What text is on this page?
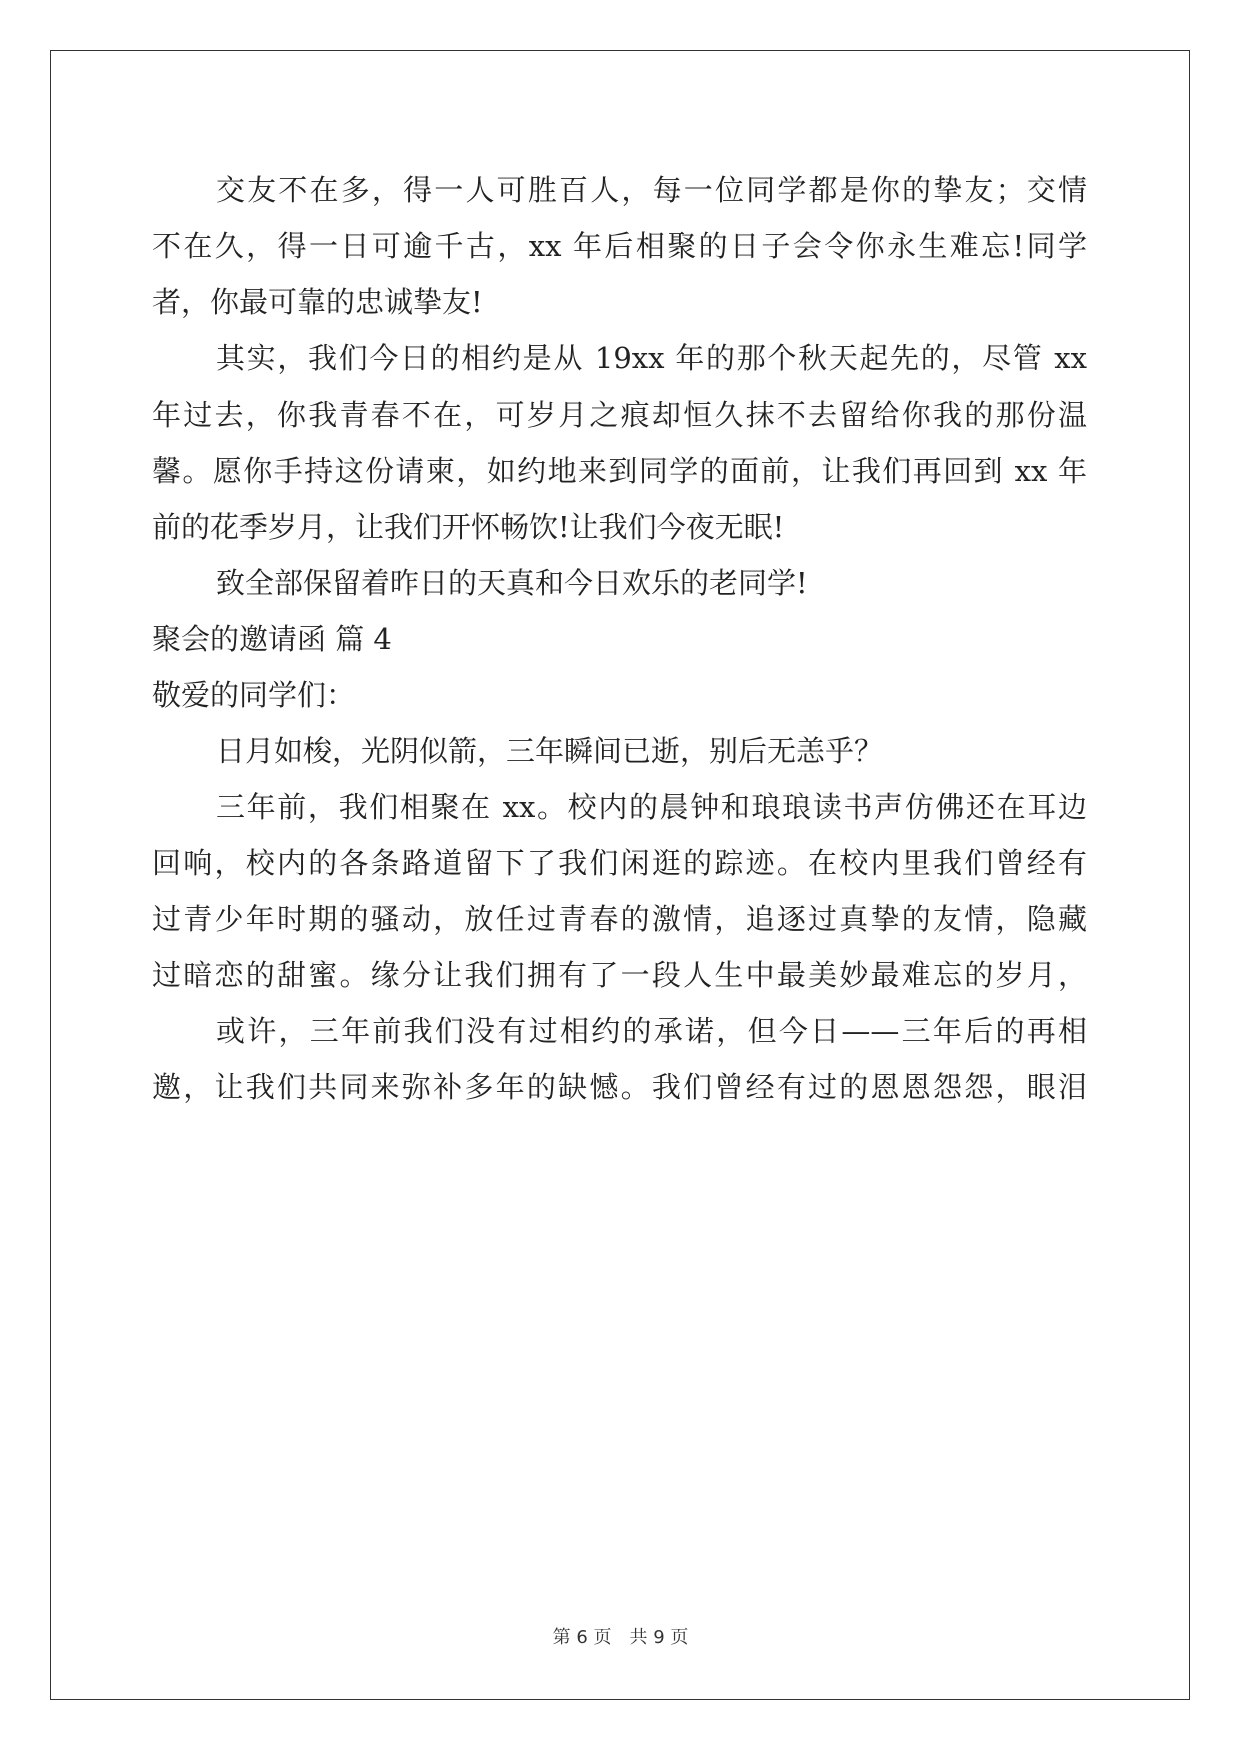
交友不在多，得一人可胜百人，每一位同学都是你的挚友；交情
不在久，得一日可逾千古，xx 年后相聚的日子会令你永生难忘!同学
者，你最可靠的忠诚挚友!
其实，我们今日的相约是从 19xx 年的那个秋天起先的，尽管 xx
年过去，你我青春不在，可岁月之痕却恒久抹不去留给你我的那份温
馨。愿你手持这份请柬，如约地来到同学的面前，让我们再回到 xx 年
前的花季岁月，让我们开怀畅饮!让我们今夜无眠!
致全部保留着昨日的天真和今日欢乐的老同学!
聚会的邀请函 篇 4
敬爱的同学们：
日月如梭，光阴似箭，三年瞬间已逝，别后无恙乎？
三年前，我们相聚在 xx。校内的晨钟和琅琅读书声仿佛还在耳边
回响，校内的各条路道留下了我们闲逛的踪迹。在校内里我们曾经有
过青少年时期的骚动，放任过青春的激情，追逐过真挚的友情，隐藏
过暗恋的甜蜜。缘分让我们拥有了一段人生中最美妙最难忘的岁月，
或许，三年前我们没有过相约的承诺，但今日——三年后的再相
邀，让我们共同来弥补多年的缺憾。我们曾经有过的恩恩怨怨，眼泪
第 6 页　共 9 页
